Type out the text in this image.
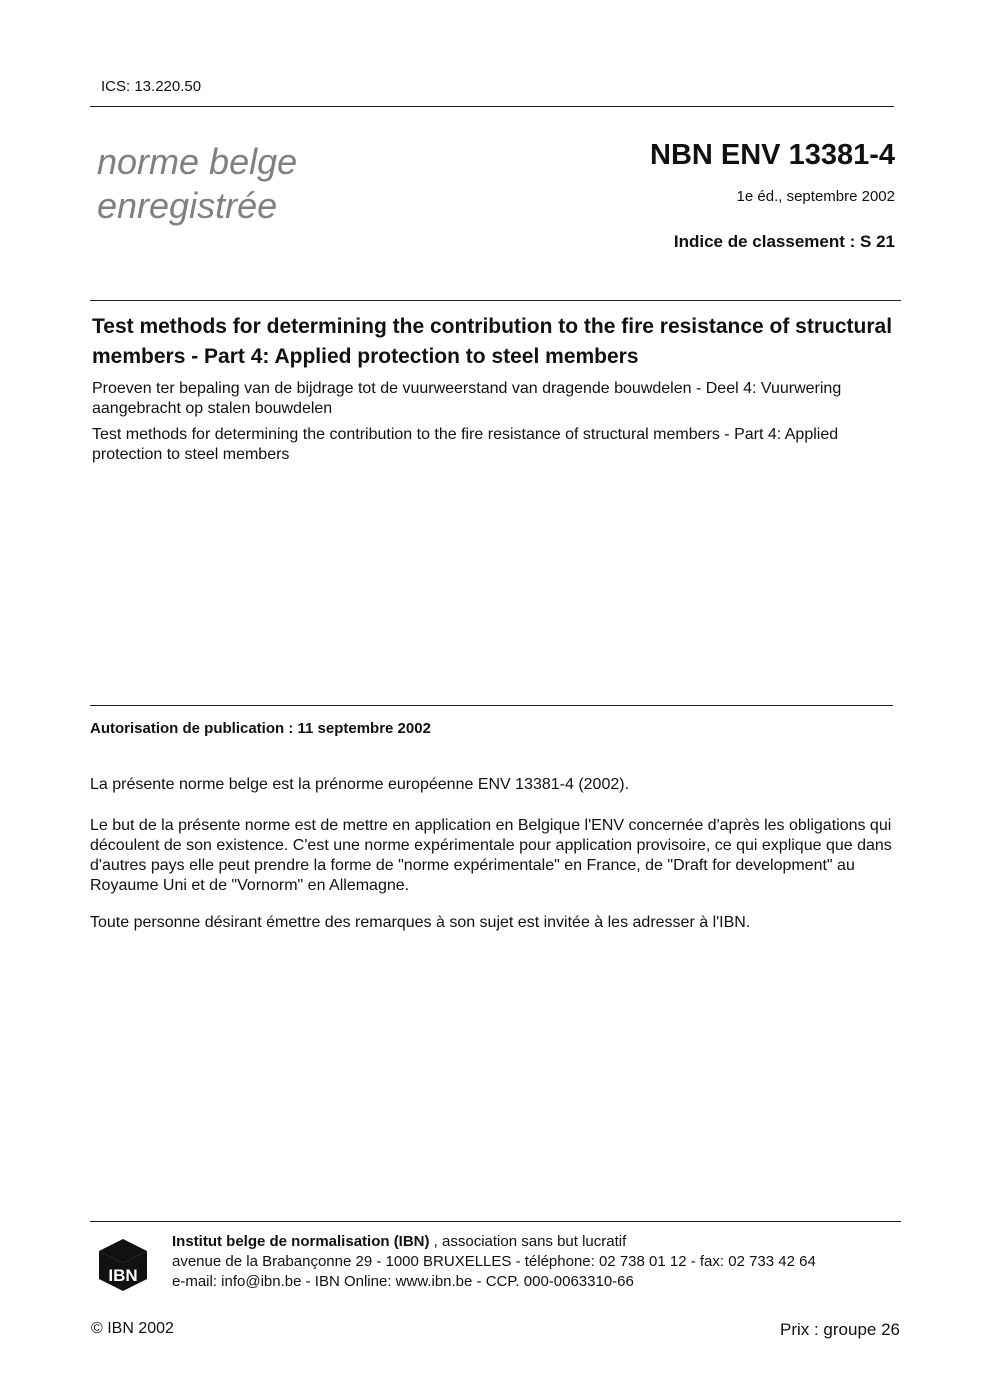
ICS: 13.220.50
norme belge
enregistrée
NBN ENV 13381-4
1e éd., septembre 2002
Indice de classement : S 21
Test methods for determining the contribution to the fire resistance of structural members - Part 4: Applied protection to steel members
Proeven ter bepaling van de bijdrage tot de vuurweerstand van dragende bouwdelen - Deel 4: Vuurwering aangebracht op stalen bouwdelen
Test methods for determining the contribution to the fire resistance of structural members - Part 4: Applied protection to steel members
Autorisation de publication : 11 septembre 2002
La présente norme belge est la prénorme européenne ENV 13381-4 (2002).
Le but de la présente norme est de mettre en application en Belgique l'ENV concernée d'après les obligations qui découlent de son existence. C'est une norme expérimentale pour application provisoire, ce qui explique que dans d'autres pays elle peut prendre la forme de "norme expérimentale" en France, de "Draft for development" au Royaume Uni et de "Vornorm" en Allemagne.
Toute personne désirant émettre des remarques à son sujet est invitée à les adresser à l'IBN.
IBN
Institut belge de normalisation (IBN) , association sans but lucratif
avenue de la Brabançonne 29 - 1000 BRUXELLES - téléphone: 02 738 01 12 - fax: 02 733 42 64
e-mail: info@ibn.be - IBN Online: www.ibn.be - CCP. 000-0063310-66
© IBN 2002	Prix : groupe 26
